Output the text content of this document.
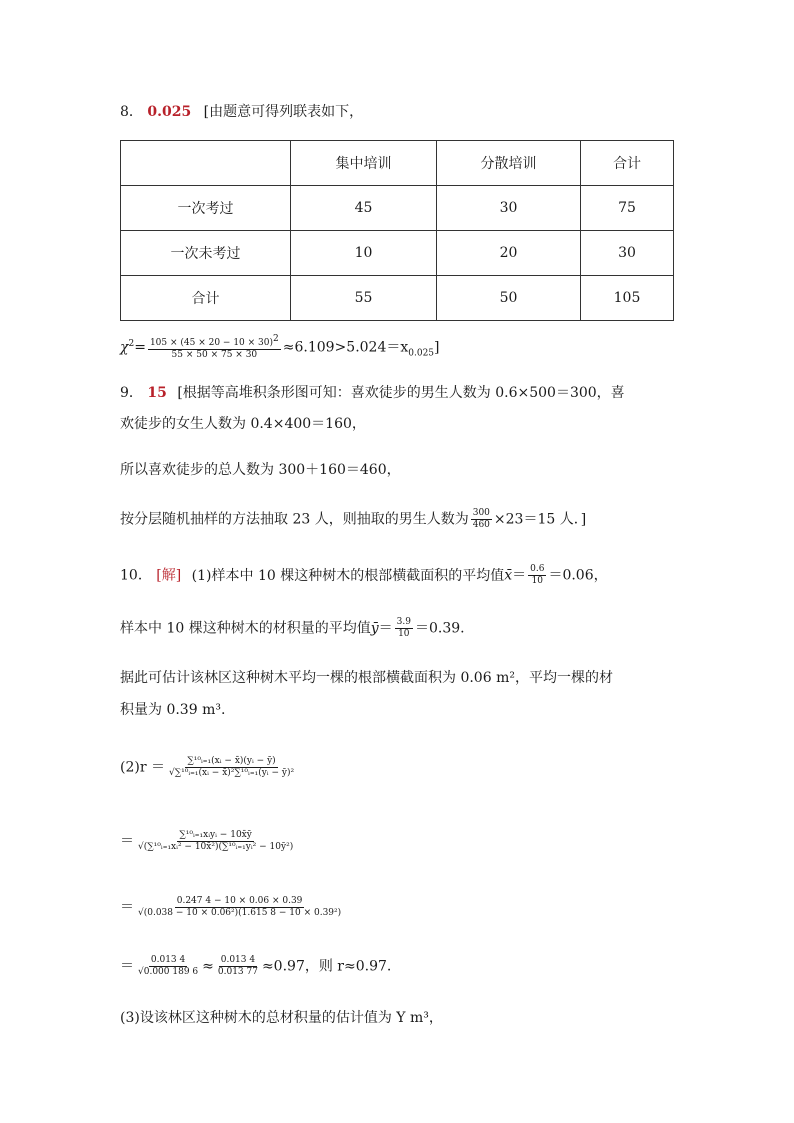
8． 0.025 [由题意可得列联表如下，
	集中培训	分散培训	合计
一次考过	45	30	75
一次未考过	10	20	30
合计	55	50	105
$\chi^2= \frac{105 \times (45 \times 20 - 10 \times 30)^2}{55 \times 50 \times 75 \times 30} \approx 6.109>5.024=x_{0.025}$]
9． 15 [根据等高堆积条形图可知：喜欢徒步的男生人数为 0.6×500＝300，喜
欢徒步的女生人数为 0.4×400＝160，
所以喜欢徒步的总人数为 300＋160＝460，
按分层随机抽样的方法抽取 23 人，则抽取的男生人数为 $\frac{300}{460} \times 23=15$ 人．]
10． [解] (1)样本中 10 棵这种树木的根部横截面积的平均值x̄＝ $\frac{0.6}{10} =0.06$，
样本中 10 棵这种树木的材积量的平均值ȳ＝ $\frac{3.9}{10} =0.39$.
据此可估计该林区这种树木平均一棵的根部横截面积为 0.06 m²，平均一棵的材
积量为 0.39 m³.
$(2)r = \frac{\text{∑¹⁰ᵢ₌₁(xᵢ − x̄)(yᵢ − ȳ)}}{\text{√∑¹⁰ᵢ₌₁(xᵢ − x̄)²∑¹⁰ᵢ₌₁(yᵢ − ȳ)²}}$
＝ $\frac{\text{∑¹⁰ᵢ₌₁xᵢyᵢ − 10x̄ȳ}}{\text{√(∑¹⁰ᵢ₌₁xᵢ² − 10x̄²)(∑¹⁰ᵢ₌₁yᵢ² − 10ȳ²)}}$
＝ $\frac{0.247 4 - 10 \times 0.06 \times 0.39}{\text{√(0.038 − 10 × 0.06²)(1.615 8 − 10 × 0.39²)}}$
＝ $\frac{0.013 4}{√0.000 189 6} \approx \frac{0.013 4}{0.013 77} \approx 0.97$，则 r≈0.97.
(3)设该林区这种树木的总材积量的估计值为 Y m³，
